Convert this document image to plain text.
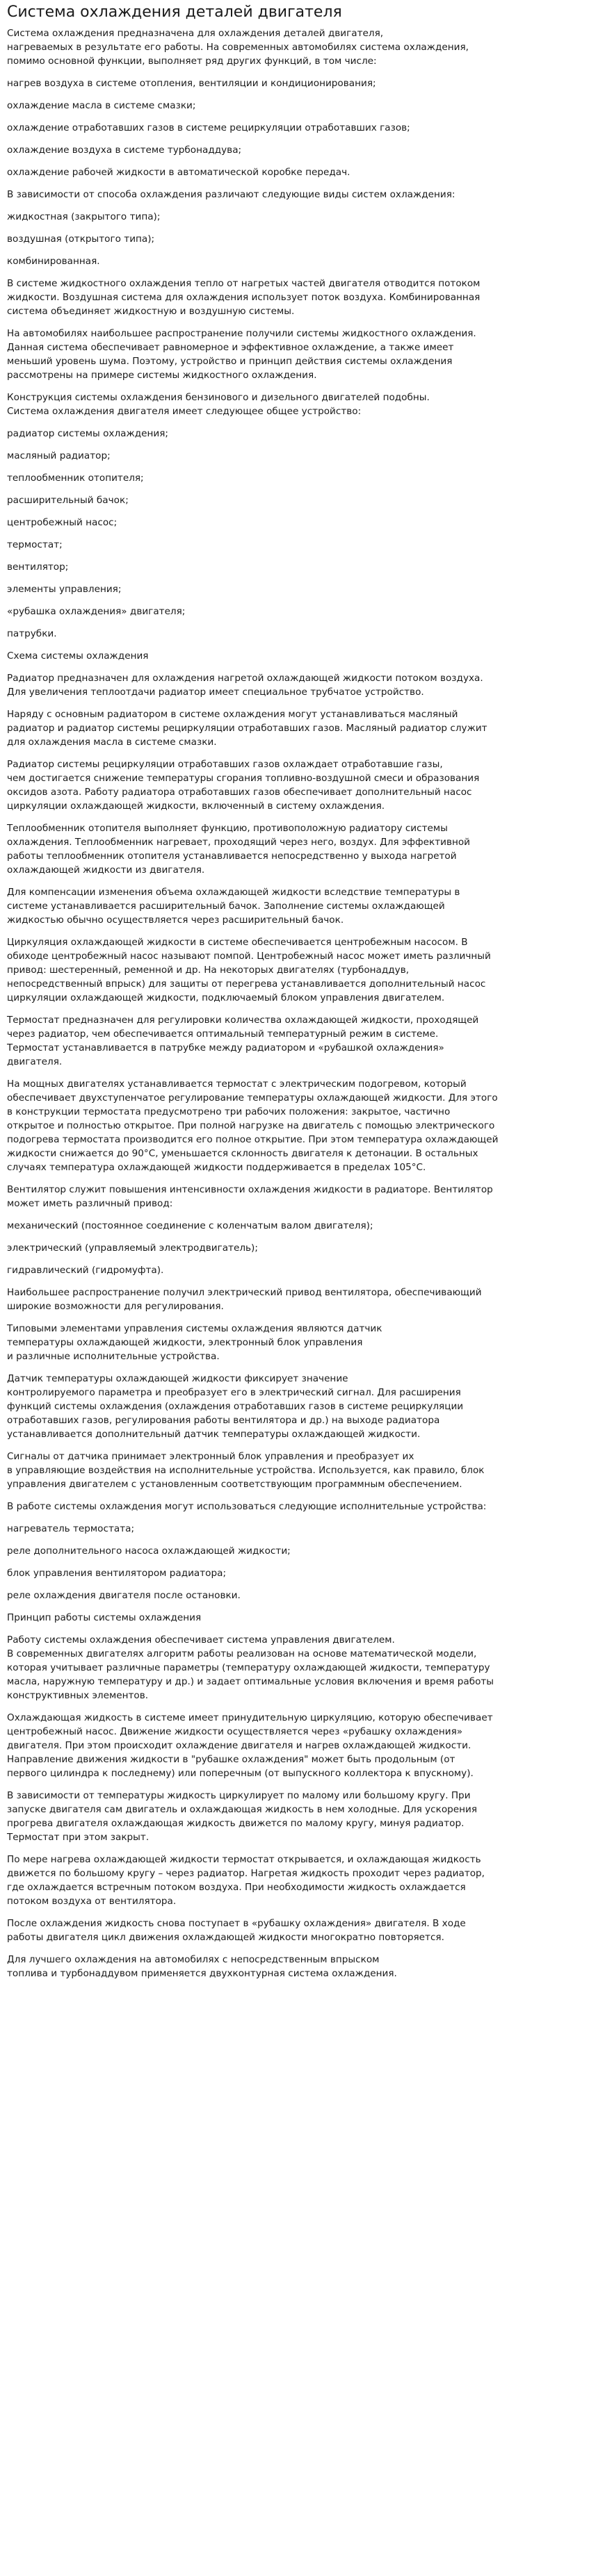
Система охлаждения деталей двигателя

Система охлаждения предназначена для охлаждения деталей двигателя,
нагреваемых в результате его работы. На современных автомобилях система охлаждения,
помимо основной функции, выполняет ряд других функций, в том числе:

нагрев воздуха в системе отопления, вентиляции и кондиционирования;

охлаждение масла в системе смазки;

охлаждение отработавших газов в системе рециркуляции отработавших газов;

охлаждение воздуха в системе турбонаддува;

охлаждение рабочей жидкости в автоматической коробке передач.

В зависимости от способа охлаждения различают следующие виды систем охлаждения:

жидкостная (закрытого типа);

воздушная (открытого типа);

комбинированная.

В системе жидкостного охлаждения тепло от нагретых частей двигателя отводится потоком
жидкости. Воздушная система для охлаждения использует поток воздуха. Комбинированная
система объединяет жидкостную и воздушную системы.

На автомобилях наибольшее распространение получили системы жидкостного охлаждения.
Данная система обеспечивает равномерное и эффективное охлаждение, а также имеет
меньший уровень шума. Поэтому, устройство и принцип действия системы охлаждения
рассмотрены на примере системы жидкостного охлаждения.

Конструкция системы охлаждения бензинового и дизельного двигателей подобны.
Система охлаждения двигателя имеет следующее общее устройство:

радиатор системы охлаждения;

масляный радиатор;

теплообменник отопителя;

расширительный бачок;

центробежный насос;

термостат;

вентилятор;

элементы управления;

«рубашка охлаждения» двигателя;

патрубки.

Схема системы охлаждения

Радиатор предназначен для охлаждения нагретой охлаждающей жидкости потоком воздуха.
Для увеличения теплоотдачи радиатор имеет специальное трубчатое устройство.

Наряду с основным радиатором в системе охлаждения могут устанавливаться масляный
радиатор и радиатор системы рециркуляции отработавших газов. Масляный радиатор служит
для охлаждения масла в системе смазки.

Радиатор системы рециркуляции отработавших газов охлаждает отработавшие газы,
чем достигается снижение температуры сгорания топливно-воздушной смеси и образования
оксидов азота. Работу радиатора отработавших газов обеспечивает дополнительный насос
циркуляции охлаждающей жидкости, включенный в систему охлаждения.

Теплообменник отопителя выполняет функцию, противоположную радиатору системы
охлаждения. Теплообменник нагревает, проходящий через него, воздух. Для эффективной
работы теплообменник отопителя устанавливается непосредственно у выхода нагретой
охлаждающей жидкости из двигателя.

Для компенсации изменения объема охлаждающей жидкости вследствие температуры в
системе устанавливается расширительный бачок. Заполнение системы охлаждающей
жидкостью обычно осуществляется через расширительный бачок.

Циркуляция охлаждающей жидкости в системе обеспечивается центробежным насосом. В
обиходе центробежный насос называют помпой. Центробежный насос может иметь различный
привод: шестеренный, ременной и др. На некоторых двигателях (турбонаддув,
непосредственный впрыск) для защиты от перегрева устанавливается дополнительный насос
циркуляции охлаждающей жидкости, подключаемый блоком управления двигателем.

Термостат предназначен для регулировки количества охлаждающей жидкости, проходящей
через радиатор, чем обеспечивается оптимальный температурный режим в системе.
Термостат устанавливается в патрубке между радиатором и «рубашкой охлаждения»
двигателя.

На мощных двигателях устанавливается термостат с электрическим подогревом, который
обеспечивает двухступенчатое регулирование температуры охлаждающей жидкости. Для этого
в конструкции термостата предусмотрено три рабочих положения: закрытое, частично
открытое и полностью открытое. При полной нагрузке на двигатель с помощью электрического
подогрева термостата производится его полное открытие. При этом температура охлаждающей
жидкости снижается до 90°С, уменьшается склонность двигателя к детонации. В остальных
случаях температура охлаждающей жидкости поддерживается в пределах 105°С.

Вентилятор служит повышения интенсивности охлаждения жидкости в радиаторе. Вентилятор
может иметь различный привод:

механический (постоянное соединение с коленчатым валом двигателя);

электрический (управляемый электродвигатель);

гидравлический (гидромуфта).

Наибольшее распространение получил электрический привод вентилятора, обеспечивающий
широкие возможности для регулирования.

Типовыми элементами управления системы охлаждения являются датчик
температуры охлаждающей жидкости, электронный блок управления
и различные исполнительные устройства.

Датчик температуры охлаждающей жидкости фиксирует значение
контролируемого параметра и преобразует его в электрический сигнал. Для расширения
функций системы охлаждения (охлаждения отработавших газов в системе рециркуляции
отработавших газов, регулирования работы вентилятора и др.) на выходе радиатора
устанавливается дополнительный датчик температуры охлаждающей жидкости.

Сигналы от датчика принимает электронный блок управления и преобразует их
в управляющие воздействия на исполнительные устройства. Используется, как правило, блок
управления двигателем с установленным соответствующим программным обеспечением.

В работе системы охлаждения могут использоваться следующие исполнительные устройства:

нагреватель термостата;

реле дополнительного насоса охлаждающей жидкости;

блок управления вентилятором радиатора;

реле охлаждения двигателя после остановки.

Принцип работы системы охлаждения

Работу системы охлаждения обеспечивает система управления двигателем.
В современных двигателях алгоритм работы реализован на основе математической модели,
которая учитывает различные параметры (температуру охлаждающей жидкости, температуру
масла, наружную температуру и др.) и задает оптимальные условия включения и время работы
конструктивных элементов.

Охлаждающая жидкость в системе имеет принудительную циркуляцию, которую обеспечивает
центробежный насос. Движение жидкости осуществляется через «рубашку охлаждения»
двигателя. При этом происходит охлаждение двигателя и нагрев охлаждающей жидкости.
Направление движения жидкости в "рубашке охлаждения" может быть продольным (от
первого цилиндра к последнему) или поперечным (от выпускного коллектора к впускному).

В зависимости от температуры жидкость циркулирует по малому или большому кругу. При
запуске двигателя сам двигатель и охлаждающая жидкость в нем холодные. Для ускорения
прогрева двигателя охлаждающая жидкость движется по малому кругу, минуя радиатор.
Термостат при этом закрыт.

По мере нагрева охлаждающей жидкости термостат открывается, и охлаждающая жидкость
движется по большому кругу – через радиатор. Нагретая жидкость проходит через радиатор,
где охлаждается встречным потоком воздуха. При необходимости жидкость охлаждается
потоком воздуха от вентилятора.

После охлаждения жидкость снова поступает в «рубашку охлаждения» двигателя. В ходе
работы двигателя цикл движения охлаждающей жидкости многократно повторяется.

Для лучшего охлаждения на автомобилях с непосредственным впрыском
топлива и турбонаддувом применяется двухконтурная система охлаждения.
